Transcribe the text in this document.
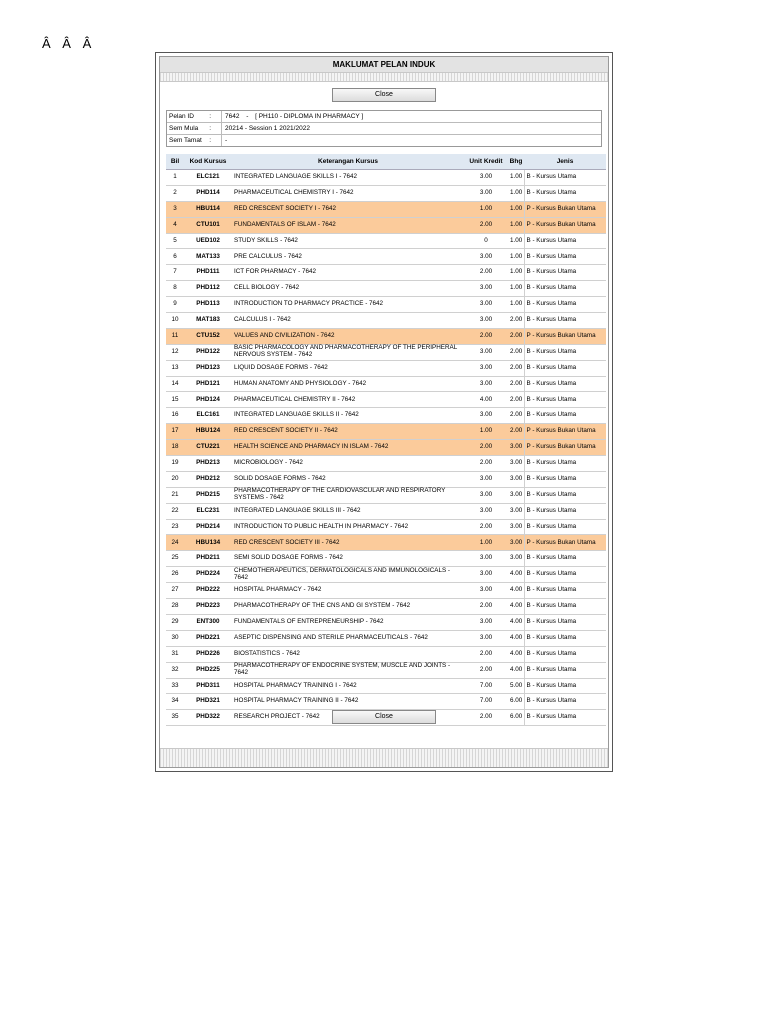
Â Â Â
MAKLUMAT PELAN INDUK
Close
Pelan ID :	7642 - [ PH110 - DIPLOMA IN PHARMACY ]
Sem Mula :	20214 - Session 1 2021/2022
Sem Tamat :	-
Bil	Kod Kursus	Keterangan Kursus	Unit Kredit	Bhg	Jenis
1	ELC121	INTEGRATED LANGUAGE SKILLS I - 7642	3.00	1.00	B - Kursus Utama
2	PHD114	PHARMACEUTICAL CHEMISTRY I - 7642	3.00	1.00	B - Kursus Utama
3	HBU114	RED CRESCENT SOCIETY I - 7642	1.00	1.00	P - Kursus Bukan Utama
4	CTU101	FUNDAMENTALS OF ISLAM - 7642	2.00	1.00	P - Kursus Bukan Utama
5	UED102	STUDY SKILLS - 7642	0	1.00	B - Kursus Utama
6	MAT133	PRE CALCULUS - 7642	3.00	1.00	B - Kursus Utama
7	PHD111	ICT FOR PHARMACY - 7642	2.00	1.00	B - Kursus Utama
8	PHD112	CELL BIOLOGY - 7642	3.00	1.00	B - Kursus Utama
9	PHD113	INTRODUCTION TO PHARMACY PRACTICE - 7642	3.00	1.00	B - Kursus Utama
10	MAT183	CALCULUS I - 7642	3.00	2.00	B - Kursus Utama
11	CTU152	VALUES AND CIVILIZATION - 7642	2.00	2.00	P - Kursus Bukan Utama
12	PHD122	BASIC PHARMACOLOGY AND PHARMACOTHERAPY OF THE PERIPHERAL NERVOUS SYSTEM - 7642	3.00	2.00	B - Kursus Utama
13	PHD123	LIQUID DOSAGE FORMS - 7642	3.00	2.00	B - Kursus Utama
14	PHD121	HUMAN ANATOMY AND PHYSIOLOGY - 7642	3.00	2.00	B - Kursus Utama
15	PHD124	PHARMACEUTICAL CHEMISTRY II - 7642	4.00	2.00	B - Kursus Utama
16	ELC161	INTEGRATED LANGUAGE SKILLS II - 7642	3.00	2.00	B - Kursus Utama
17	HBU124	RED CRESCENT SOCIETY II - 7642	1.00	2.00	P - Kursus Bukan Utama
18	CTU221	HEALTH SCIENCE AND PHARMACY IN ISLAM - 7642	2.00	3.00	P - Kursus Bukan Utama
19	PHD213	MICROBIOLOGY - 7642	2.00	3.00	B - Kursus Utama
20	PHD212	SOLID DOSAGE FORMS - 7642	3.00	3.00	B - Kursus Utama
21	PHD215	PHARMACOTHERAPY OF THE CARDIOVASCULAR AND RESPIRATORY SYSTEMS - 7642	3.00	3.00	B - Kursus Utama
22	ELC231	INTEGRATED LANGUAGE SKILLS III - 7642	3.00	3.00	B - Kursus Utama
23	PHD214	INTRODUCTION TO PUBLIC HEALTH IN PHARMACY - 7642	2.00	3.00	B - Kursus Utama
24	HBU134	RED CRESCENT SOCIETY III - 7642	1.00	3.00	P - Kursus Bukan Utama
25	PHD211	SEMI SOLID DOSAGE FORMS - 7642	3.00	3.00	B - Kursus Utama
26	PHD224	CHEMOTHERAPEUTICS, DERMATOLOGICALS AND IMMUNOLOGICALS - 7642	3.00	4.00	B - Kursus Utama
27	PHD222	HOSPITAL PHARMACY - 7642	3.00	4.00	B - Kursus Utama
28	PHD223	PHARMACOTHERAPY OF THE CNS AND GI SYSTEM - 7642	2.00	4.00	B - Kursus Utama
29	ENT300	FUNDAMENTALS OF ENTREPRENEURSHIP - 7642	3.00	4.00	B - Kursus Utama
30	PHD221	ASEPTIC DISPENSING AND STERILE PHARMACEUTICALS - 7642	3.00	4.00	B - Kursus Utama
31	PHD226	BIOSTATISTICS - 7642	2.00	4.00	B - Kursus Utama
32	PHD225	PHARMACOTHERAPY OF ENDOCRINE SYSTEM, MUSCLE AND JOINTS - 7642	2.00	4.00	B - Kursus Utama
33	PHD311	HOSPITAL PHARMACY TRAINING I - 7642	7.00	5.00	B - Kursus Utama
34	PHD321	HOSPITAL PHARMACY TRAINING II - 7642	7.00	6.00	B - Kursus Utama
35	PHD322	RESEARCH PROJECT - 7642	2.00	6.00	B - Kursus Utama
Close
